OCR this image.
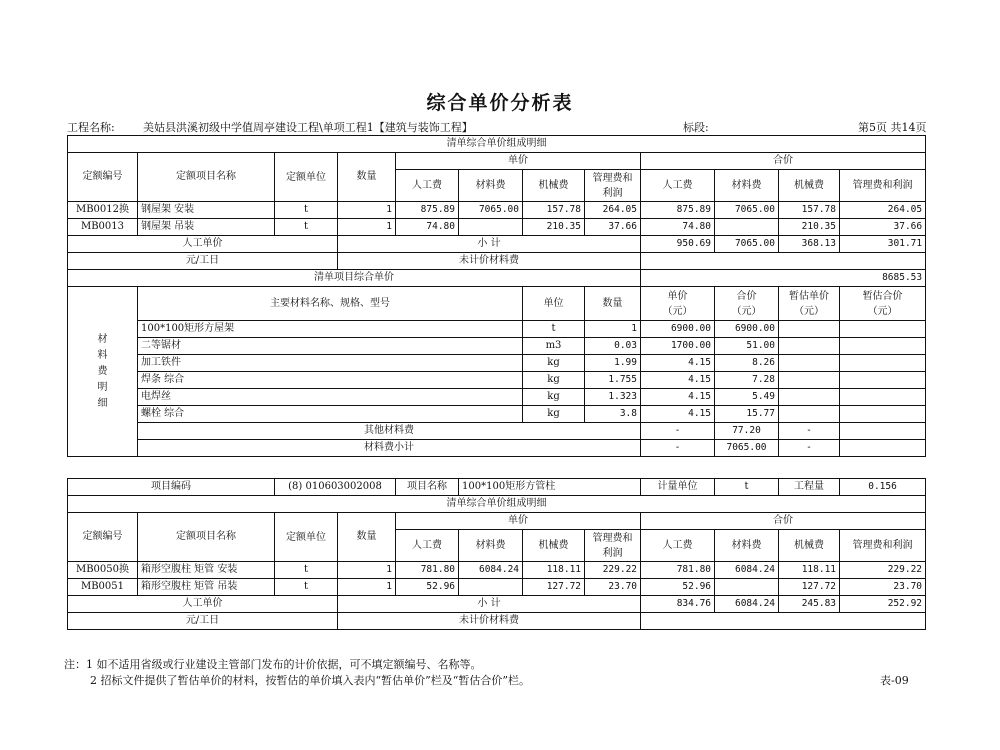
综合单价分析表
工程名称:	美姑县洪溪初级中学值周亭建设工程\单项工程1【建筑与装饰工程】	标段:	第5页 共14页
清单综合单价组成明细											
定额编号	定额项目名称	定额单位	数量	单价				合价			
				人工费	材料费	机械费	管理费和利润	人工费	材料费	机械费	管理费和利润
MB0012换	钢屋架 安装	t	1	875.89	7065.00	157.78	264.05	875.89	7065.00	157.78	264.05
MB0013	钢屋架 吊装	t	1	74.80		210.35	37.66	74.80		210.35	37.66
人工单价			小 计					950.69	7065.00	368.13	301.71
元/工日			未计价材料费								
清单项目综合单价								8685.53			
材料费明细	主要材料名称、规格、型号					单位	数量	单价（元）	合价（元）	暂估单价（元）	暂估合价（元）
	100*100矩形方屋架					t	1	6900.00	6900.00		
	二等锯材					m3	0.03	1700.00	51.00		
	加工铁件					kg	1.99	4.15	8.26		
	焊条 综合					kg	1.755	4.15	7.28		
	电焊丝					kg	1.323	4.15	5.49		
	螺栓 综合					kg	3.8	4.15	15.77		
	其他材料费							-	77.20	-	
	材料费小计							-	7065.00	-	
项目编码		(8) 010603002008		项目名称	100*100矩形方管柱			计量单位	t	工程量	0.156
清单综合单价组成明细											
定额编号	定额项目名称	定额单位	数量	单价				合价			
				人工费	材料费	机械费	管理费和利润	人工费	材料费	机械费	管理费和利润
MB0050换	箱形空腹柱 矩管 安装	t	1	781.80	6084.24	118.11	229.22	781.80	6084.24	118.11	229.22
MB0051	箱形空腹柱 矩管 吊装	t	1	52.96		127.72	23.70	52.96		127.72	23.70
人工单价			小 计					834.76	6084.24	245.83	252.92
元/工日			未计价材料费								
注：1 如不适用省级或行业建设主管部门发布的计价依据，可不填定额编号、名称等。
2 招标文件提供了暂估单价的材料，按暂估的单价填入表内“暂估单价”栏及“暂估合价”栏。	表-09
